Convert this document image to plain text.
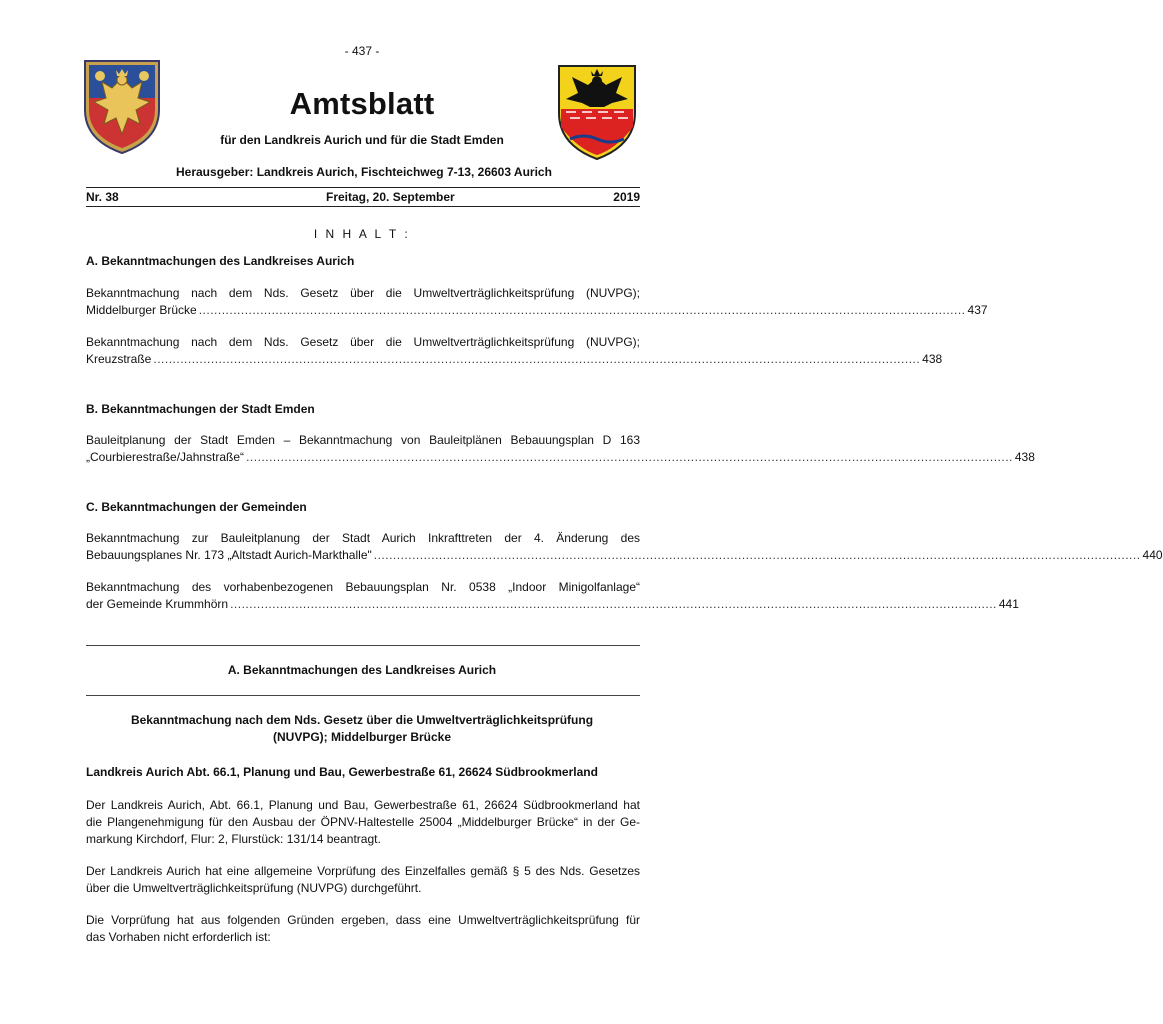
- 437 -
Amtsblatt
für den Landkreis Aurich und für die Stadt Emden
Herausgeber: Landkreis Aurich, Fischteichweg 7-13, 26603 Aurich
Nr. 38	Freitag, 20. September	2019
I N H A L T :
A. Bekanntmachungen des Landkreises Aurich
Bekanntmachung nach dem Nds. Gesetz über die Umweltverträglichkeitsprüfung (NUVPG);
Middelburger Brücke ........................................................................................................................................................................................................ 437
Bekanntmachung nach dem Nds. Gesetz über die Umweltverträglichkeitsprüfung (NUVPG);
Kreuzstraße ........................................................................................................................................................................................................ 438
B. Bekanntmachungen der Stadt Emden
Bauleitplanung der Stadt Emden – Bekanntmachung von Bauleitplänen Bebauungsplan D 163
„Courbierestraße/Jahnstraße“ ........................................................................................................................................................................................................ 438
C. Bekanntmachungen der Gemeinden
Bekanntmachung zur Bauleitplanung der Stadt Aurich Inkrafttreten der 4. Änderung des
Bebauungsplanes Nr. 173 „Altstadt Aurich-Markthalle" ........................................................................................................................................................................................................ 440
Bekanntmachung des vorhabenbezogenen Bebauungsplan Nr. 0538 „Indoor Minigolfanlage“
der Gemeinde Krummhörn ........................................................................................................................................................................................................ 441
A. Bekanntmachungen des Landkreises Aurich
Bekanntmachung nach dem Nds. Gesetz über die Umweltverträglichkeitsprüfung
(NUVPG); Middelburger Brücke
Landkreis Aurich Abt. 66.1, Planung und Bau, Gewerbestraße 61, 26624 Südbrookmerland
Der Landkreis Aurich, Abt. 66.1, Planung und Bau, Gewerbestraße 61, 26624 Südbrookmerland hat
die Plangenehmigung für den Ausbau der ÖPNV-Haltestelle 25004 „Middelburger Brücke“ in der Ge-
markung Kirchdorf, Flur: 2, Flurstück: 131/14 beantragt.
Der Landkreis Aurich hat eine allgemeine Vorprüfung des Einzelfalles gemäß § 5 des Nds. Gesetzes
über die Umweltverträglichkeitsprüfung (NUVPG) durchgeführt.
Die Vorprüfung hat aus folgenden Gründen ergeben, dass eine Umweltverträglichkeitsprüfung für
das Vorhaben nicht erforderlich ist:
